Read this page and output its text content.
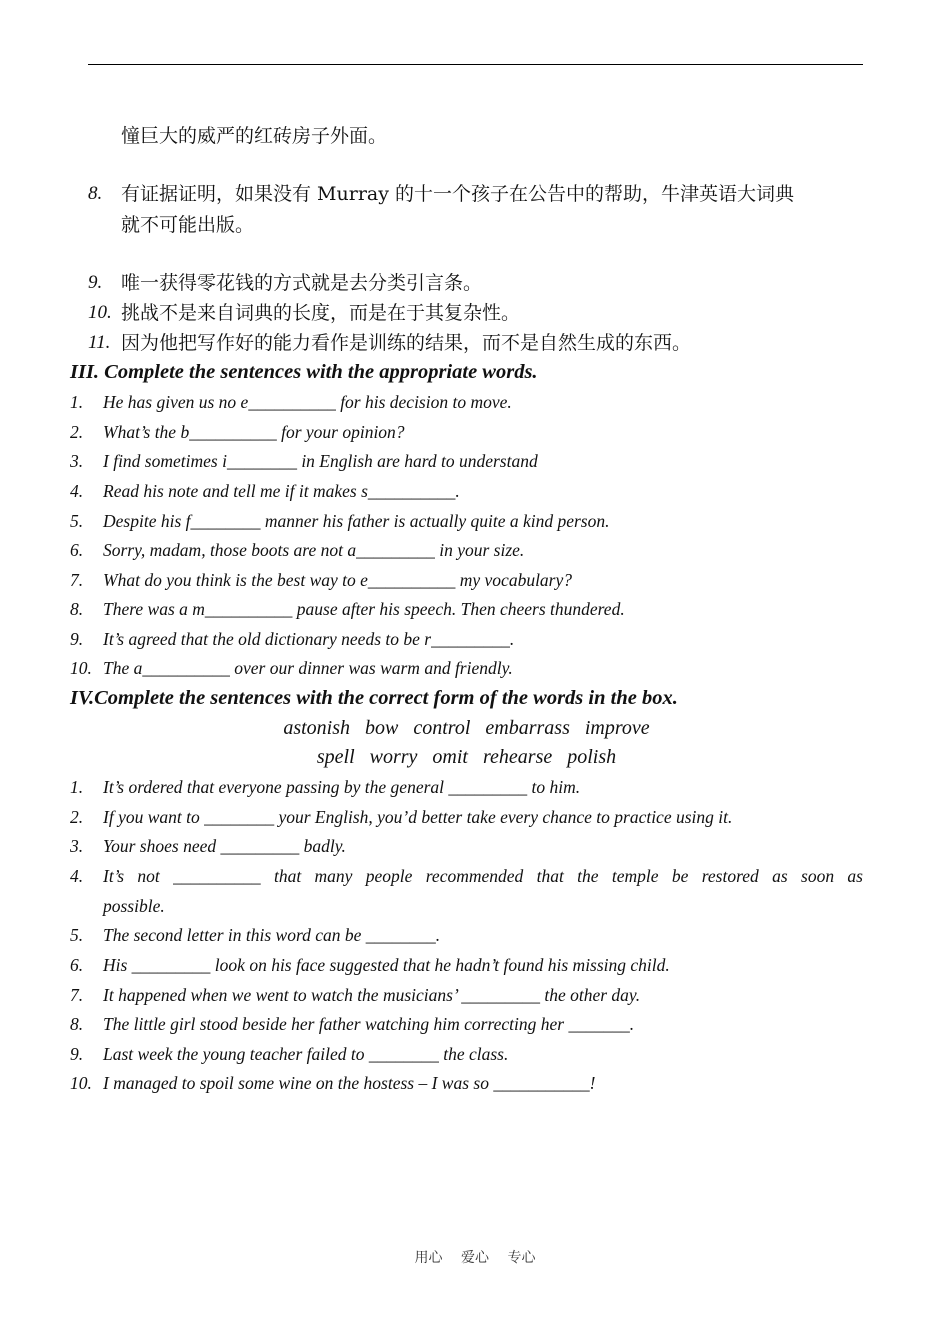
憧巨大的威严的红砖房子外面。
8. 有证据证明，如果没有 Murray 的十一个孩子在公告中的帮助，牛津英语大词典
就不可能出版。
9. 唯一获得零花钱的方式就是去分类引言条。
10. 挑战不是来自词典的长度，而是在于其复杂性。
11. 因为他把写作好的能力看作是训练的结果，而不是自然生成的东西。
III. Complete the sentences with the appropriate words.
1. He has given us no e__________ for his decision to move.
2. What’s the b__________ for your opinion?
3. I find sometimes i________ in English are hard to understand
4. Read his note and tell me if it makes s__________.
5. Despite his f________ manner his father is actually quite a kind person.
6. Sorry, madam, those boots are not a_________ in your size.
7. What do you think is the best way to e__________ my vocabulary?
8. There was a m__________ pause after his speech. Then cheers thundered.
9. It’s agreed that the old dictionary needs to be r_________.
10. The a__________ over our dinner was warm and friendly.
IV.Complete the sentences with the correct form of the words in the box.
astonish bow control embarrass improve
spell worry omit rehearse polish
1. It’s ordered that everyone passing by the general _________ to him.
2. If you want to ________ your English, you’d better take every chance to practice using it.
3. Your shoes need _________ badly.
4. It’s not __________ that many people recommended that the temple be restored as soon as
possible.
5. The second letter in this word can be ________.
6. His _________ look on his face suggested that he hadn’t found his missing child.
7. It happened when we went to watch the musicians’ _________ the other day.
8. The little girl stood beside her father watching him correcting her _______.
9. Last week the young teacher failed to ________ the class.
10. I managed to spoil some wine on the hostess – I was so ___________!
用心 爱心 专心
